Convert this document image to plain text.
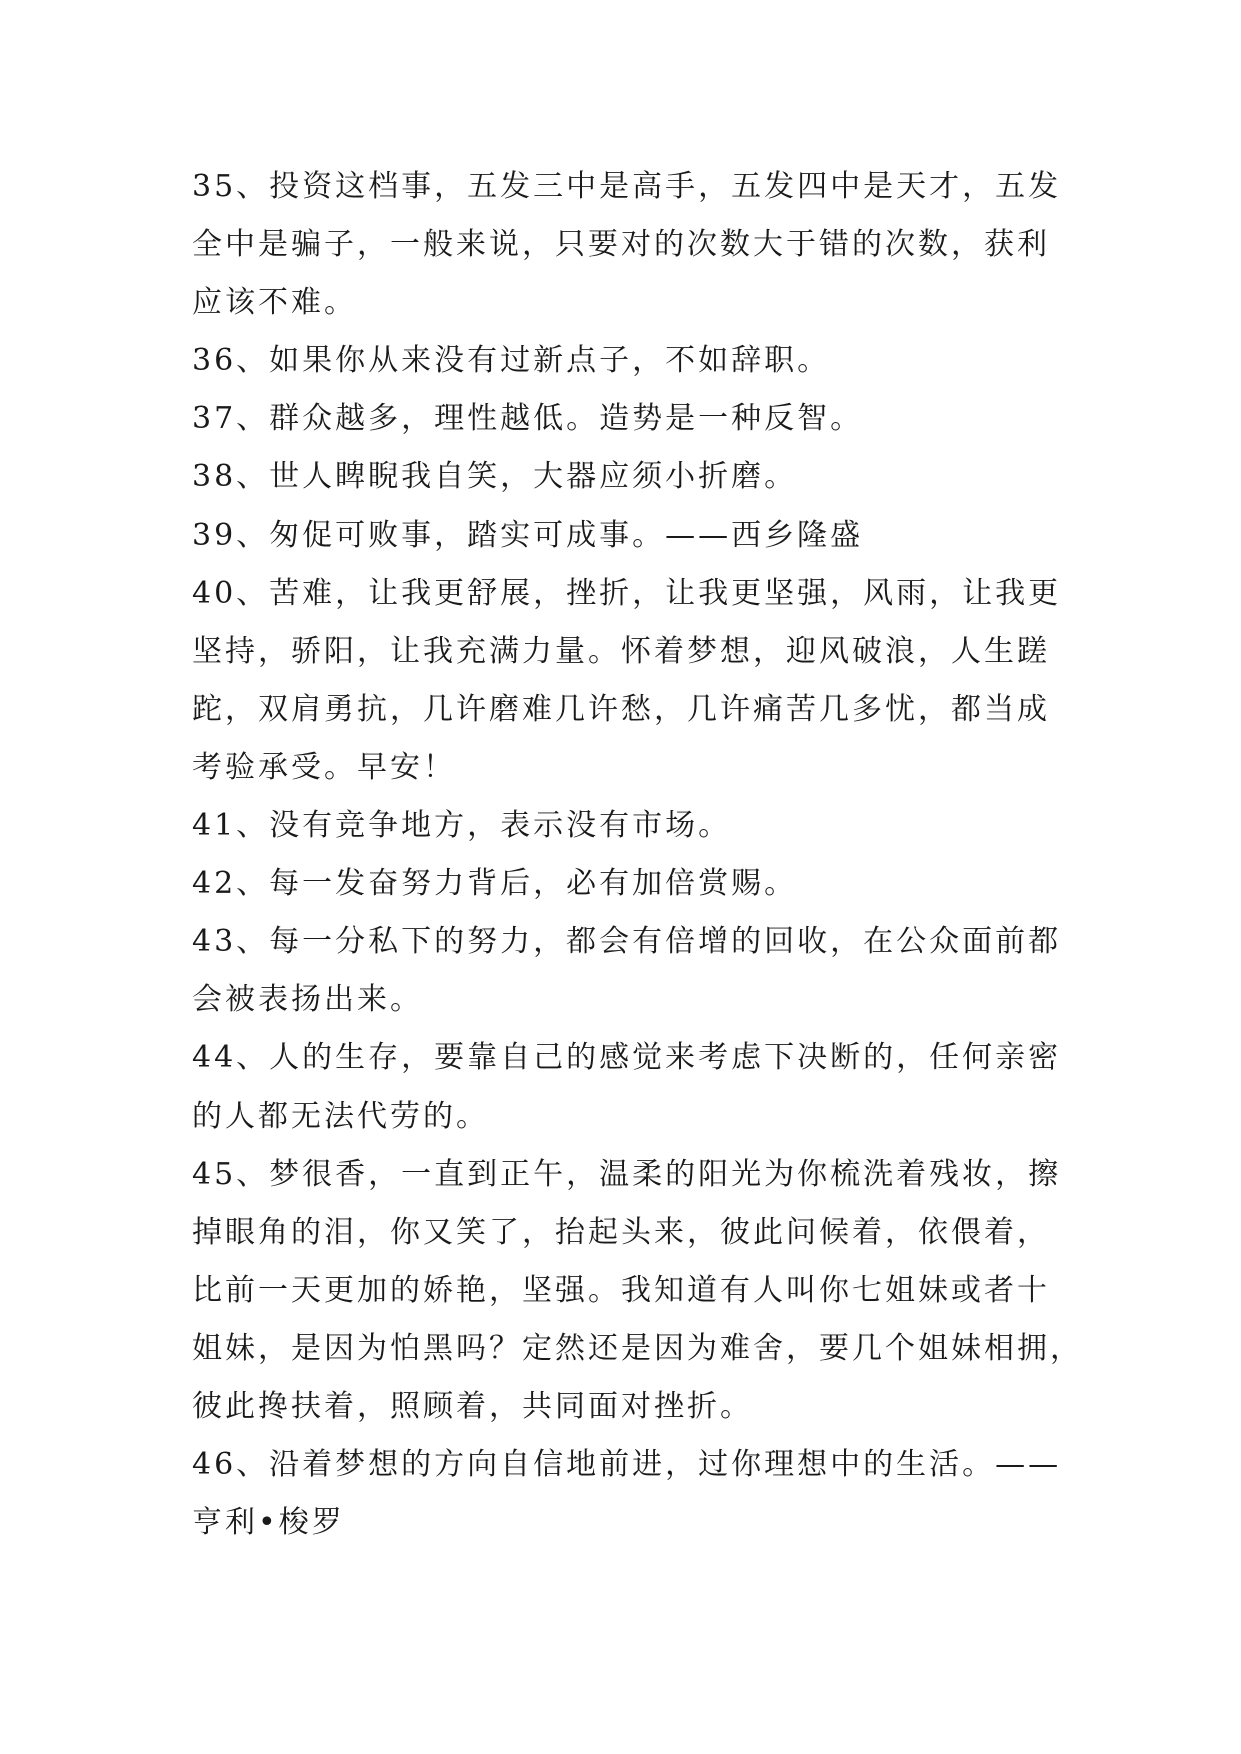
35、投资这档事，五发三中是高手，五发四中是天才，五发
全中是骗子，一般来说，只要对的次数大于错的次数，获利
应该不难。
36、如果你从来没有过新点子，不如辞职。
37、群众越多，理性越低。造势是一种反智。
38、世人睥睨我自笑，大器应须小折磨。
39、匆促可败事，踏实可成事。——西乡隆盛
40、苦难，让我更舒展，挫折，让我更坚强，风雨，让我更
坚持，骄阳，让我充满力量。怀着梦想，迎风破浪，人生蹉
跎，双肩勇抗，几许磨难几许愁，几许痛苦几多忧，都当成
考验承受。早安！
41、没有竞争地方，表示没有市场。
42、每一发奋努力背后，必有加倍赏赐。
43、每一分私下的努力，都会有倍增的回收，在公众面前都
会被表扬出来。
44、人的生存，要靠自己的感觉来考虑下决断的，任何亲密
的人都无法代劳的。
45、梦很香，一直到正午，温柔的阳光为你梳洗着残妆，擦
掉眼角的泪，你又笑了，抬起头来，彼此问候着，依偎着，
比前一天更加的娇艳，坚强。我知道有人叫你七姐妹或者十
姐妹，是因为怕黑吗？定然还是因为难舍，要几个姐妹相拥，
彼此搀扶着，照顾着，共同面对挫折。
46、沿着梦想的方向自信地前进，过你理想中的生活。——
亨利•梭罗
